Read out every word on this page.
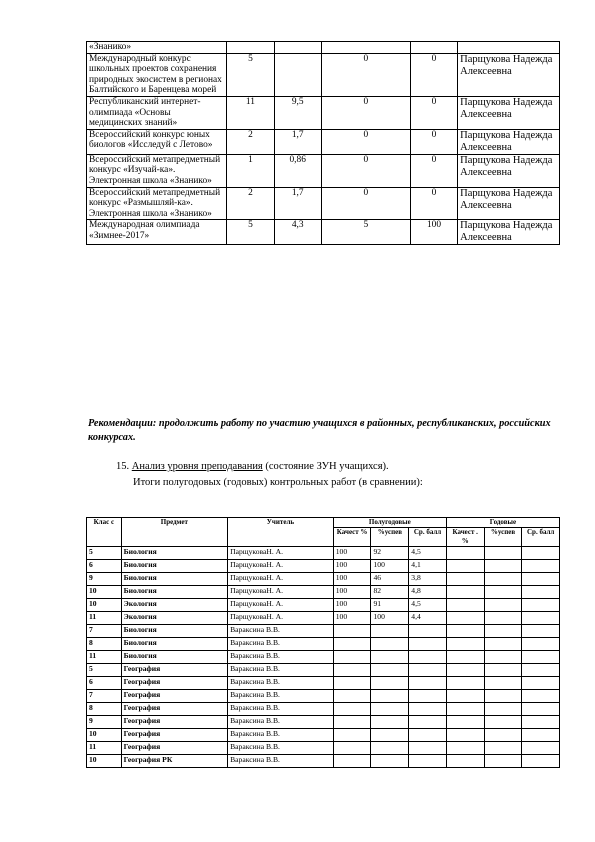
«Знанико»					
Международный конкурс школьных проектов сохранения природных экосистем в регионах Балтийского и Баренцева морей	5		0	0	Парщукова Надежда Алексеевна
Республиканский интернет-олимпиада «Основы медицинских знаний»	11	9,5	0	0	Парщукова Надежда Алексеевна
Всероссийский конкурс юных биологов «Исследуй с Летово»	2	1,7	0	0	Парщукова Надежда Алексеевна
Всероссийский метапредметный конкурс «Изучай-ка». Электронная школа «Знанико»	1	0,86	0	0	Парщукова Надежда Алексеевна
Всероссийский метапредметный конкурс «Размышляй-ка». Электронная школа «Знанико»	2	1,7	0	0	Парщукова Надежда Алексеевна
Международная олимпиада «Зимнее-2017»	5	4,3	5	100	Парщукова Надежда Алексеевна
Рекомендации: продолжить работу по участию учащихся в районных, республиканских, российских конкурсах.
15. Анализ уровня преподавания (состояние ЗУН учащихся).
Итоги полугодовых (годовых) контрольных работ (в сравнении):
Клас с	Предмет	Учитель	Полугодовые			Годовые		
			Качест %	%успев	Ср. балл	Качест . %	%успев	Ср. балл
5	Биология	ПарщуковаН. А.	100	92	4,5			
6	Биология	ПарщуковаН. А.	100	100	4,1			
9	Биология	ПарщуковаН. А.	100	46	3,8			
10	Биология	ПарщуковаН. А.	100	82	4,8			
10	Экология	ПарщуковаН. А.	100	91	4,5			
11	Экология	ПарщуковаН. А.	100	100	4,4			
7	Биология	Вараксина В.В.						
8	Биология	Вараксина В.В.						
11	Биология	Вараксина В.В.						
5	География	Вараксина В.В.						
6	География	Вараксина В.В.						
7	География	Вараксина В.В.						
8	География	Вараксина В.В.						
9	География	Вараксина В.В.						
10	География	Вараксина В.В.						
11	География	Вараксина В.В.						
10	География РК	Вараксина В.В.						
